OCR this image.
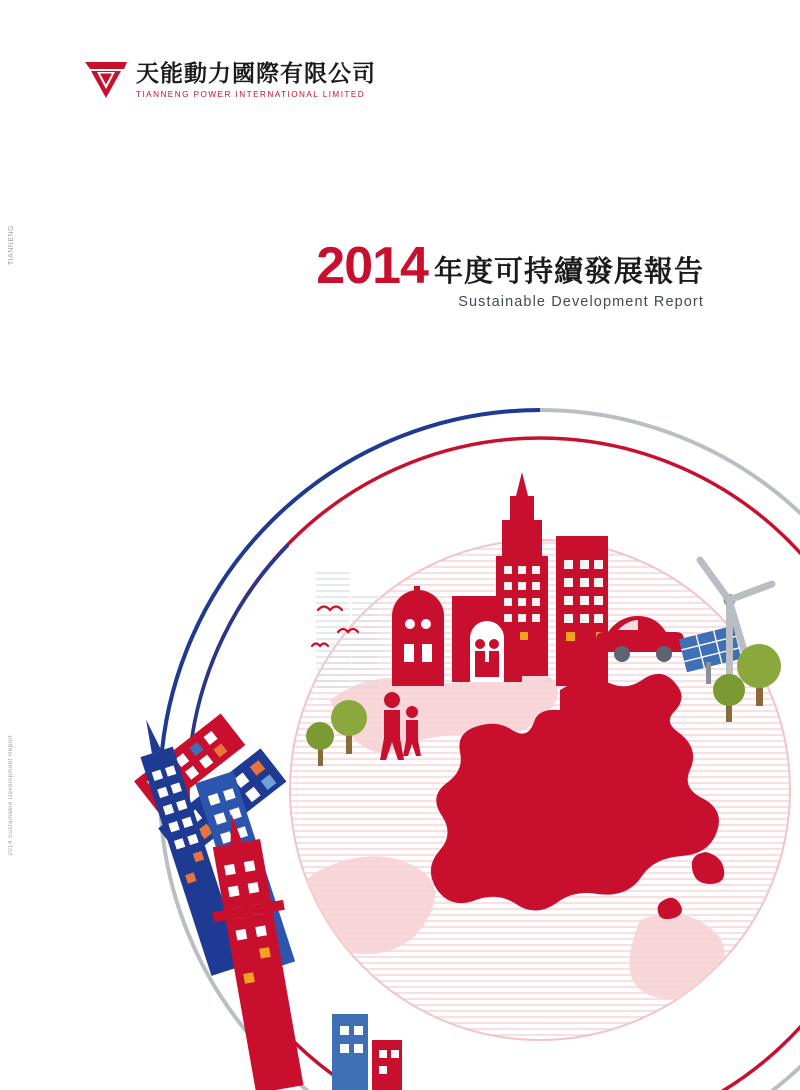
TIANNENG
2014 Sustainable Development Report
天能動力國際有限公司
TIANNENG POWER INTERNATIONAL LIMITED
2014 年度可持續發展報告
Sustainable Development Report
